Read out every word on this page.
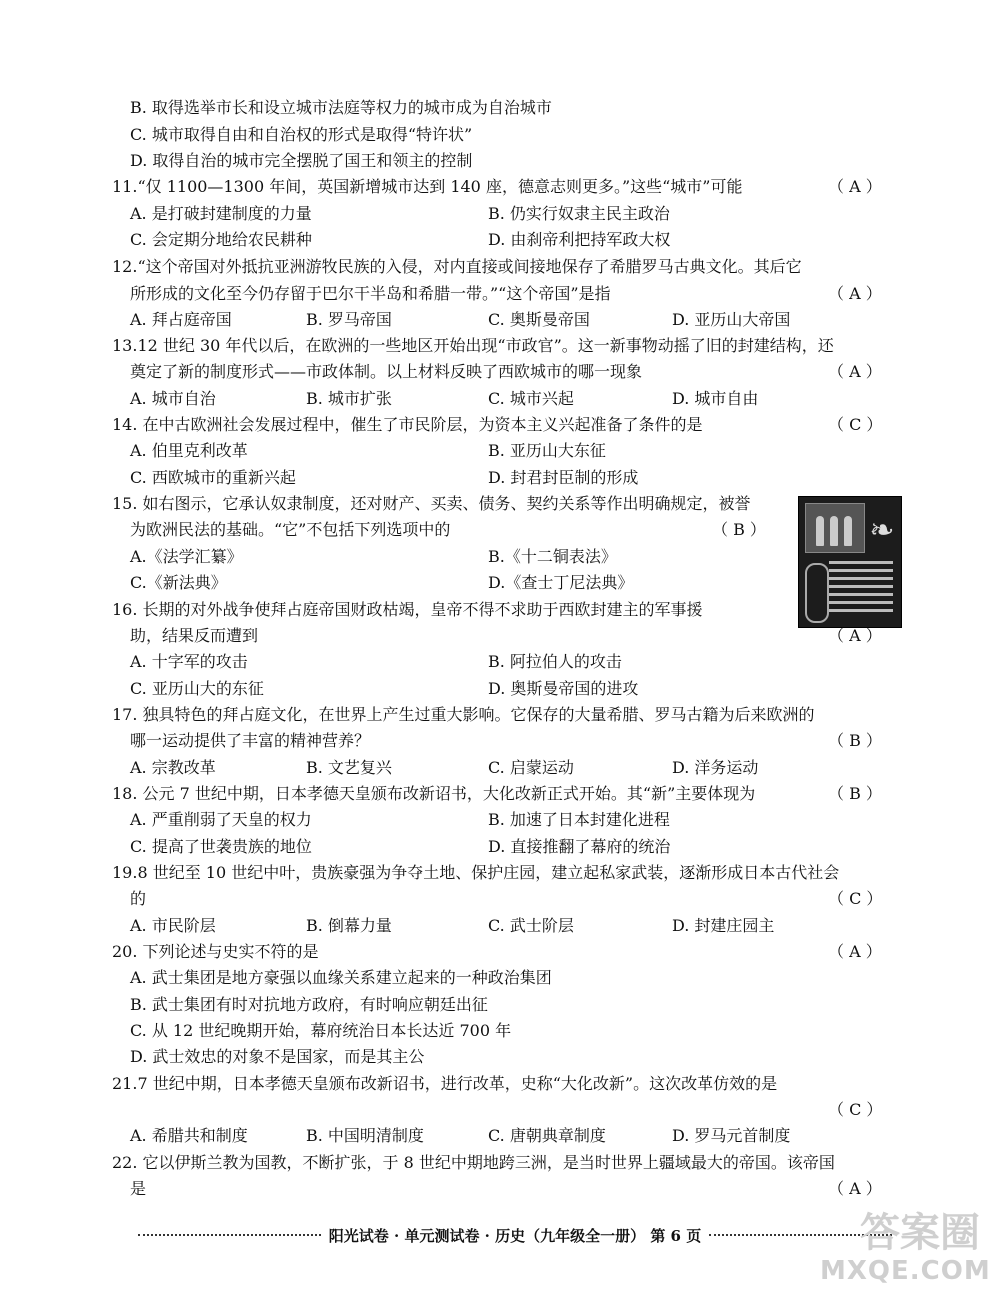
B. 取得选举市长和设立城市法庭等权力的城市成为自治城市
C. 城市取得自由和自治权的形式是取得“特许状”
D. 取得自治的城市完全摆脱了国王和领主的控制
11.“仅 1100—1300 年间，英国新增城市达到 140 座，德意志则更多。”这些“城市”可能	（ A ）
A. 是打破封建制度的力量	B. 仍实行奴隶主民主政治
C. 会定期分地给农民耕种	D. 由刹帝利把持军政大权
12.“这个帝国对外抵抗亚洲游牧民族的入侵，对内直接或间接地保存了希腊罗马古典文化。其后它
所形成的文化至今仍存留于巴尔干半岛和希腊一带。”“这个帝国”是指	（ A ）
A. 拜占庭帝国	B. 罗马帝国	C. 奥斯曼帝国	D. 亚历山大帝国
13.12 世纪 30 年代以后，在欧洲的一些地区开始出现“市政官”。这一新事物动摇了旧的封建结构，还
奠定了新的制度形式——市政体制。以上材料反映了西欧城市的哪一现象	（ A ）
A. 城市自治	B. 城市扩张	C. 城市兴起	D. 城市自由
14. 在中古欧洲社会发展过程中，催生了市民阶层，为资本主义兴起准备了条件的是	（ C ）
A. 伯里克利改革	B. 亚历山大东征
C. 西欧城市的重新兴起	D. 封君封臣制的形成
15. 如右图示，它承认奴隶制度，还对财产、买卖、债务、契约关系等作出明确规定，被誉
为欧洲民法的基础。“它”不包括下列选项中的	（ B ）
A.《法学汇纂》	B.《十二铜表法》
C.《新法典》	D.《查士丁尼法典》
❧
16. 长期的对外战争使拜占庭帝国财政枯竭，皇帝不得不求助于西欧封建主的军事援
助，结果反而遭到	（ A ）
A. 十字军的攻击	B. 阿拉伯人的攻击
C. 亚历山大的东征	D. 奥斯曼帝国的进攻
17. 独具特色的拜占庭文化，在世界上产生过重大影响。它保存的大量希腊、罗马古籍为后来欧洲的
哪一运动提供了丰富的精神营养？	（ B ）
A. 宗教改革	B. 文艺复兴	C. 启蒙运动	D. 洋务运动
18. 公元 7 世纪中期，日本孝德天皇颁布改新诏书，大化改新正式开始。其“新”主要体现为	（ B ）
A. 严重削弱了天皇的权力	B. 加速了日本封建化进程
C. 提高了世袭贵族的地位	D. 直接推翻了幕府的统治
19.8 世纪至 10 世纪中叶，贵族豪强为争夺土地、保护庄园，建立起私家武装，逐渐形成日本古代社会
的	（ C ）
A. 市民阶层	B. 倒幕力量	C. 武士阶层	D. 封建庄园主
20. 下列论述与史实不符的是	（ A ）
A. 武士集团是地方豪强以血缘关系建立起来的一种政治集团
B. 武士集团有时对抗地方政府，有时响应朝廷出征
C. 从 12 世纪晚期开始，幕府统治日本长达近 700 年
D. 武士效忠的对象不是国家，而是其主公
21.7 世纪中期，日本孝德天皇颁布改新诏书，进行改革，史称“大化改新”。这次改革仿效的是
（ C ）
A. 希腊共和制度	B. 中国明清制度	C. 唐朝典章制度	D. 罗马元首制度
22. 它以伊斯兰教为国教，不断扩张，于 8 世纪中期地跨三洲，是当时世界上疆域最大的帝国。该帝国
是	（ A ）
阳光试卷 · 单元测试卷 · 历史（九年级全一册） 第 6 页	答案圈
MXQE.COM
